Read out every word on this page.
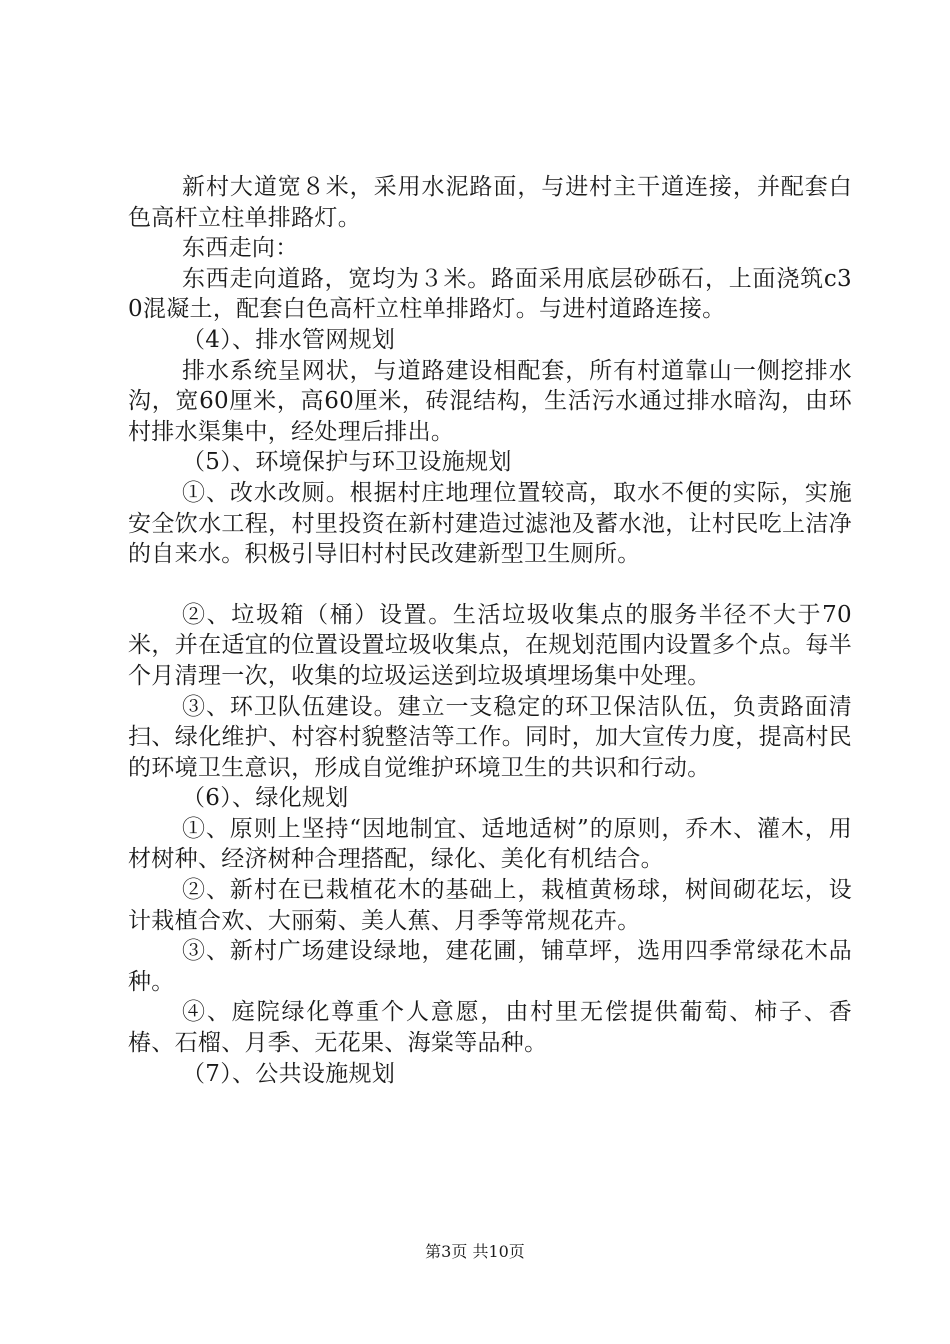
新村大道宽８米，采用水泥路面，与进村主干道连接，并配套白色高杆立柱单排路灯。

东西走向：

东西走向道路，宽均为３米。路面采用底层砂砾石，上面浇筑c30混凝土，配套白色高杆立柱单排路灯。与进村道路连接。

（4）、排水管网规划

排水系统呈网状，与道路建设相配套，所有村道靠山一侧挖排水沟，宽60厘米，高60厘米，砖混结构，生活污水通过排水暗沟，由环村排水渠集中，经处理后排出。

（5）、环境保护与环卫设施规划

①、改水改厕。根据村庄地理位置较高，取水不便的实际，实施安全饮水工程，村里投资在新村建造过滤池及蓄水池，让村民吃上洁净的自来水。积极引导旧村村民改建新型卫生厕所。

②、垃圾箱（桶）设置。生活垃圾收集点的服务半径不大于70米，并在适宜的位置设置垃圾收集点，在规划范围内设置多个点。每半个月清理一次，收集的垃圾运送到垃圾填埋场集中处理。

③、环卫队伍建设。建立一支稳定的环卫保洁队伍，负责路面清扫、绿化维护、村容村貌整洁等工作。同时，加大宣传力度，提高村民的环境卫生意识，形成自觉维护环境卫生的共识和行动。

（6）、绿化规划

①、原则上坚持“因地制宜、适地适树”的原则，乔木、灌木，用材树种、经济树种合理搭配，绿化、美化有机结合。

②、新村在已栽植花木的基础上，栽植黄杨球，树间砌花坛，设计栽植合欢、大丽菊、美人蕉、月季等常规花卉。

③、新村广场建设绿地，建花圃，铺草坪，选用四季常绿花木品种。

④、庭院绿化尊重个人意愿，由村里无偿提供葡萄、柿子、香椿、石榴、月季、无花果、海棠等品种。

（7）、公共设施规划

第3页 共10页
